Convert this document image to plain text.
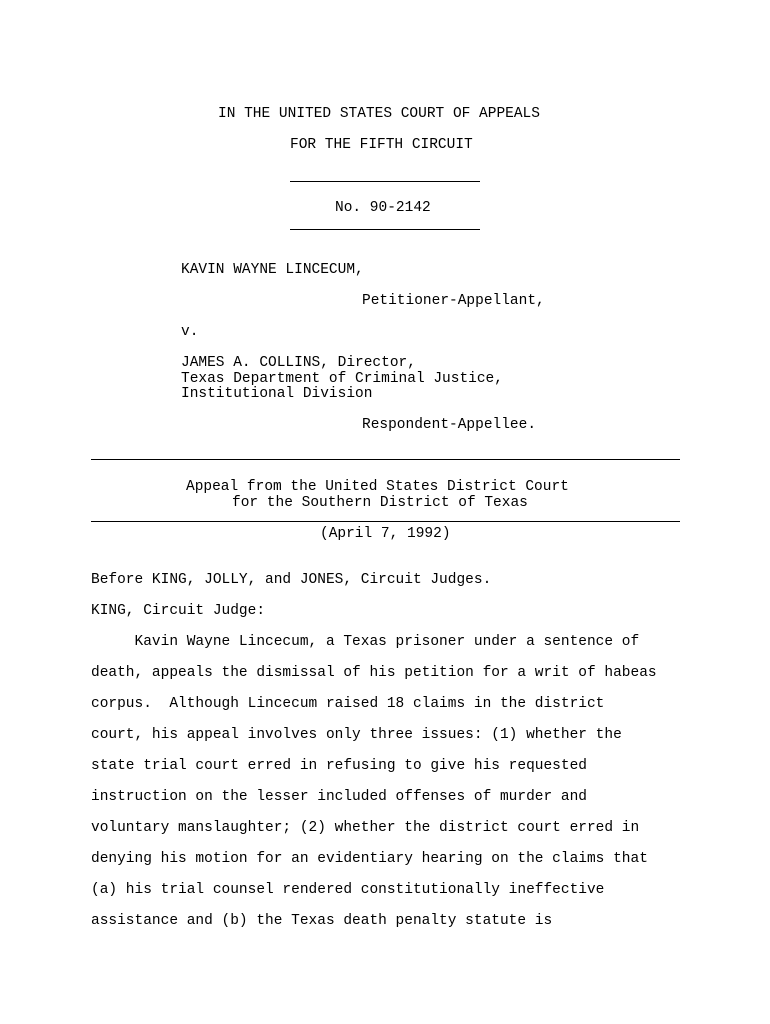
IN THE UNITED STATES COURT OF APPEALS
FOR THE FIFTH CIRCUIT
No. 90-2142
KAVIN WAYNE LINCECUM,
Petitioner-Appellant,
v.
JAMES A. COLLINS, Director,
Texas Department of Criminal Justice,
Institutional Division
Respondent-Appellee.
Appeal from the United States District Court
for the Southern District of Texas
(April 7, 1992)
Before KING, JOLLY, and JONES, Circuit Judges.
KING, Circuit Judge:
Kavin Wayne Lincecum, a Texas prisoner under a sentence of
death, appeals the dismissal of his petition for a writ of habeas
corpus.  Although Lincecum raised 18 claims in the district
court, his appeal involves only three issues: (1) whether the
state trial court erred in refusing to give his requested
instruction on the lesser included offenses of murder and
voluntary manslaughter; (2) whether the district court erred in
denying his motion for an evidentiary hearing on the claims that
(a) his trial counsel rendered constitutionally ineffective
assistance and (b) the Texas death penalty statute is
